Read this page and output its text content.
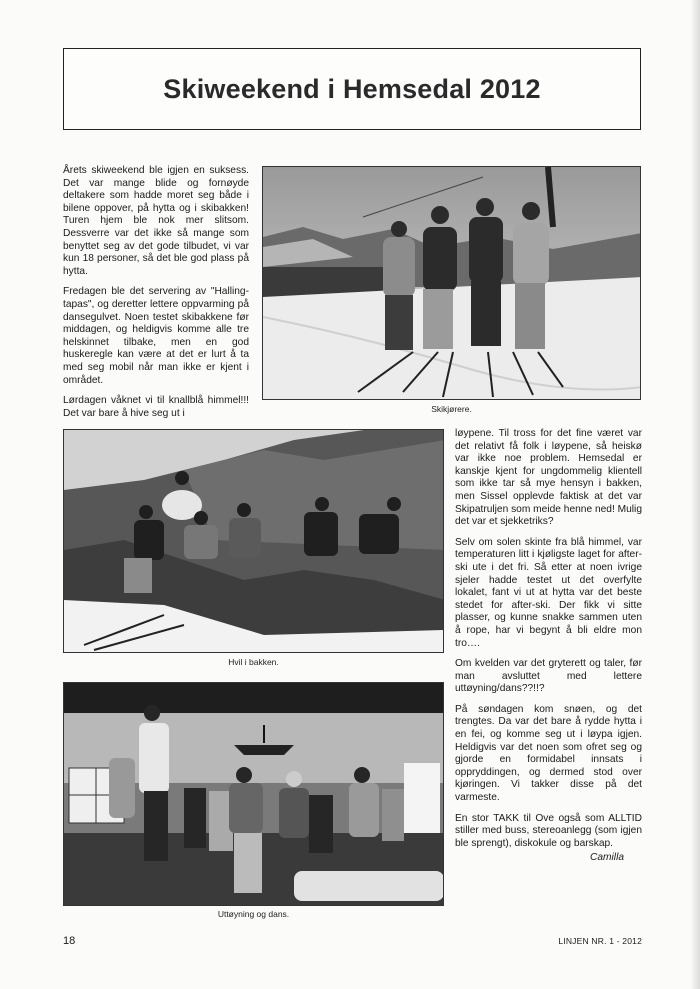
Skiweekend i Hemsedal 2012

Årets skiweekend ble igjen en suksess. Det var mange blide og fornøyde deltakere som hadde moret seg både i bilene oppover, på hytta og i skibakken! Turen hjem ble nok mer slitsom. Dessverre var det ikke så mange som benyttet seg av det gode tilbudet, vi var kun 18 personer, så det ble god plass på hytta.

Fredagen ble det servering av "Halling-tapas", og deretter lettere oppvarming på dansegulvet. Noen testet skibakkene før middagen, og heldigvis komme alle tre helskinnet tilbake, men en god huskeregle kan være at det er lurt å ta med seg mobil når man ikke er kjent i området.

Lørdagen våknet vi til knallblå himmel!!! Det var bare å hive seg ut i	Skikjørere.
Hvil i bakken.
Uttøyning og dans.

løypene. Til tross for det fine været var det relativt få folk i løypene, så heiskø var ikke noe problem. Hemsedal er kanskje kjent for ungdommelig klientell som ikke tar så mye hensyn i bakken, men Sissel opplevde faktisk at det var Skipatruljen som meide henne ned! Mulig det var et sjekketriks?

Selv om solen skinte fra blå himmel, var temperaturen litt i kjøligste laget for after-ski ute i det fri. Så etter at noen ivrige sjeler hadde testet ut det overfylte lokalet, fant vi ut at hytta var det beste stedet for after-ski. Der fikk vi sitte plasser, og kunne snakke sammen uten å rope, har vi begynt å bli eldre mon tro….

Om kvelden var det gryterett og taler, før man avsluttet med lettere uttøyning/dans??!!?

På søndagen kom snøen, og det trengtes. Da var det bare å rydde hytta i en fei, og komme seg ut i løypa igjen. Heldigvis var det noen som ofret seg og gjorde en formidabel innsats i oppryddingen, og dermed stod over kjøringen. Vi takker disse på det varmeste.

En stor TAKK til Ove også som ALLTID stiller med buss, stereoanlegg (som igjen ble sprengt), diskokule og barskap.

Camilla
18	LINJEN NR. 1 - 2012
